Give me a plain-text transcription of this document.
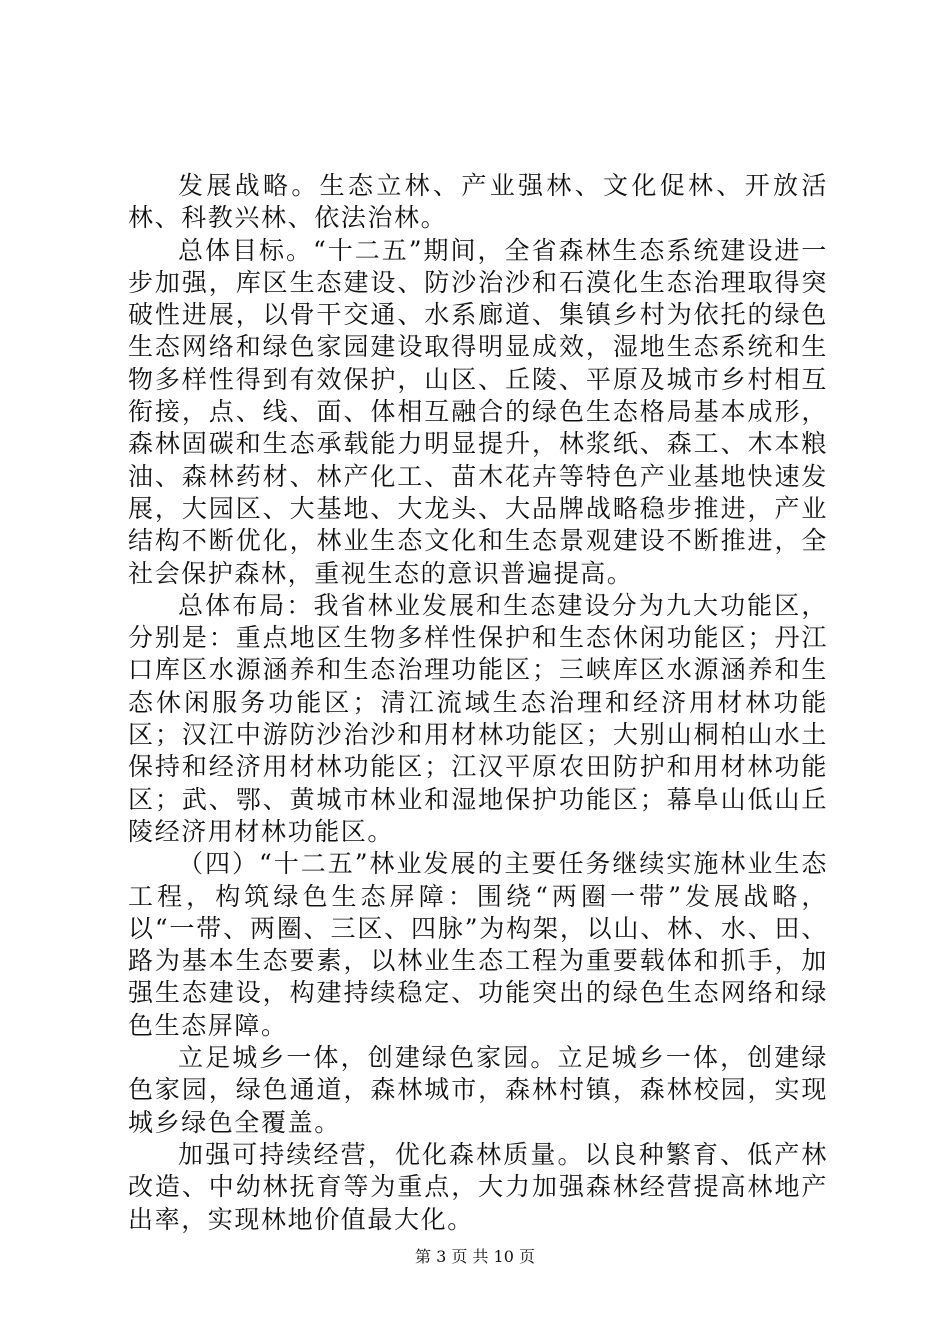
发展战略。生态立林、产业强林、文化促林、开放活林、科教兴林、依法治林。

总体目标。“十二五”期间，全省森林生态系统建设进一步加强，库区生态建设、防沙治沙和石漠化生态治理取得突破性进展，以骨干交通、水系廊道、集镇乡村为依托的绿色生态网络和绿色家园建设取得明显成效，湿地生态系统和生物多样性得到有效保护，山区、丘陵、平原及城市乡村相互衔接，点、线、面、体相互融合的绿色生态格局基本成形，森林固碳和生态承载能力明显提升，林浆纸、森工、木本粮油、森林药材、林产化工、苗木花卉等特色产业基地快速发展，大园区、大基地、大龙头、大品牌战略稳步推进，产业结构不断优化，林业生态文化和生态景观建设不断推进，全社会保护森林，重视生态的意识普遍提高。

总体布局：我省林业发展和生态建设分为九大功能区，分别是：重点地区生物多样性保护和生态休闲功能区；丹江口库区水源涵养和生态治理功能区；三峡库区水源涵养和生态休闲服务功能区；清江流域生态治理和经济用材林功能区；汉江中游防沙治沙和用材林功能区；大别山桐柏山水土保持和经济用材林功能区；江汉平原农田防护和用材林功能区；武、鄂、黄城市林业和湿地保护功能区；幕阜山低山丘陵经济用材林功能区。

（四）“十二五”林业发展的主要任务继续实施林业生态工程，构筑绿色生态屏障：围绕“两圈一带”发展战略，以“一带、两圈、三区、四脉”为构架，以山、林、水、田、路为基本生态要素，以林业生态工程为重要载体和抓手，加强生态建设，构建持续稳定、功能突出的绿色生态网络和绿色生态屏障。

立足城乡一体，创建绿色家园。立足城乡一体，创建绿色家园，绿色通道，森林城市，森林村镇，森林校园，实现城乡绿色全覆盖。

加强可持续经营，优化森林质量。以良种繁育、低产林改造、中幼林抚育等为重点，大力加强森林经营提高林地产出率，实现林地价值最大化。

第 3 页 共 10 页
